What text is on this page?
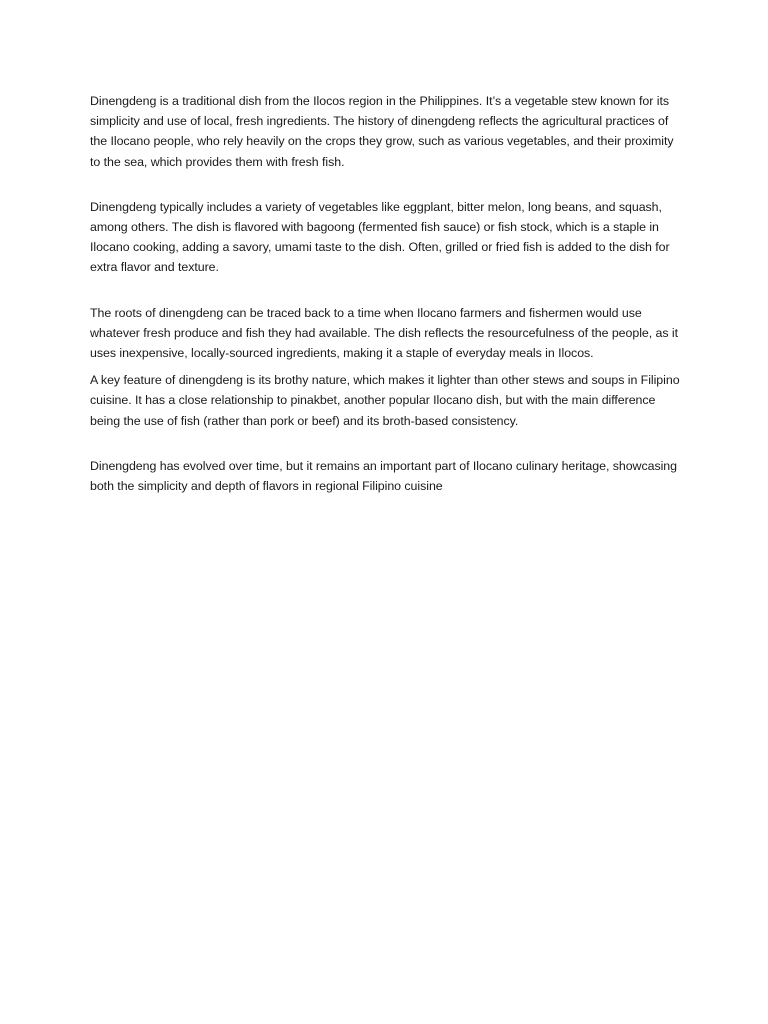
Dinengdeng is a traditional dish from the Ilocos region in the Philippines. It’s a vegetable stew known for its simplicity and use of local, fresh ingredients. The history of dinengdeng reflects the agricultural practices of the Ilocano people, who rely heavily on the crops they grow, such as various vegetables, and their proximity to the sea, which provides them with fresh fish.

Dinengdeng typically includes a variety of vegetables like eggplant, bitter melon, long beans, and squash, among others. The dish is flavored with bagoong (fermented fish sauce) or fish stock, which is a staple in Ilocano cooking, adding a savory, umami taste to the dish. Often, grilled or fried fish is added to the dish for extra flavor and texture.

The roots of dinengdeng can be traced back to a time when Ilocano farmers and fishermen would use whatever fresh produce and fish they had available. The dish reflects the resourcefulness of the people, as it uses inexpensive, locally-sourced ingredients, making it a staple of everyday meals in Ilocos.

A key feature of dinengdeng is its brothy nature, which makes it lighter than other stews and soups in Filipino cuisine. It has a close relationship to pinakbet, another popular Ilocano dish, but with the main difference being the use of fish (rather than pork or beef) and its broth-based consistency.

Dinengdeng has evolved over time, but it remains an important part of Ilocano culinary heritage, showcasing both the simplicity and depth of flavors in regional Filipino cuisine
